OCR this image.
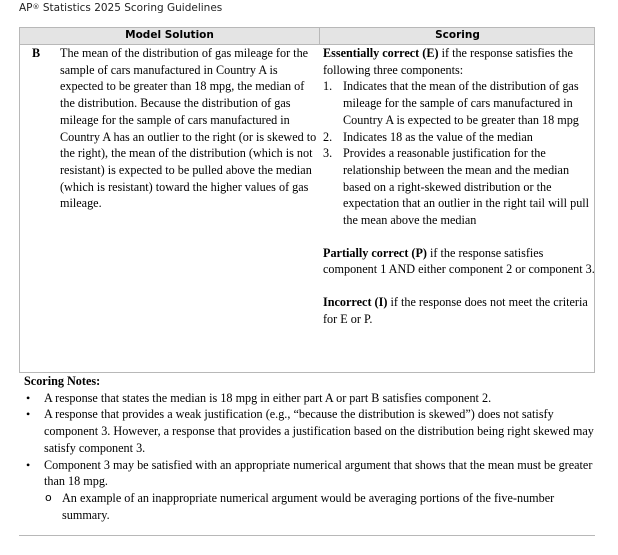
AP® Statistics 2025 Scoring Guidelines
Model Solution	Scoring
B The mean of the distribution of gas mileage for the sample of cars manufactured in Country A is expected to be greater than 18 mpg, the median of the distribution. Because the distribution of gas mileage for the sample of cars manufactured in Country A has an outlier to the right (or is skewed to the right), the mean of the distribution (which is not resistant) is expected to be pulled above the median (which is resistant) toward the higher values of gas mileage.

Essentially correct (E) if the response satisfies the following three components:

1. Indicates that the mean of the distribution of gas mileage for the sample of cars manufactured in Country A is expected to be greater than 18 mpg
2. Indicates 18 as the value of the median
3. Provides a reasonable justification for the relationship between the mean and the median based on a right-skewed distribution or the expectation that an outlier in the right tail will pull the mean above the median

Partially correct (P) if the response satisfies component 1 AND either component 2 or component 3.

Incorrect (I) if the response does not meet the criteria for E or P.

Scoring Notes:

• A response that states the median is 18 mpg in either part A or part B satisfies component 2.
• A response that provides a weak justification (e.g., “because the distribution is skewed”) does not satisfy component 3. However, a response that provides a justification based on the distribution being right skewed may satisfy component 3.
• Component 3 may be satisfied with an appropriate numerical argument that shows that the mean must be greater than 18 mpg.
o An example of an inappropriate numerical argument would be averaging portions of the five-number summary.
